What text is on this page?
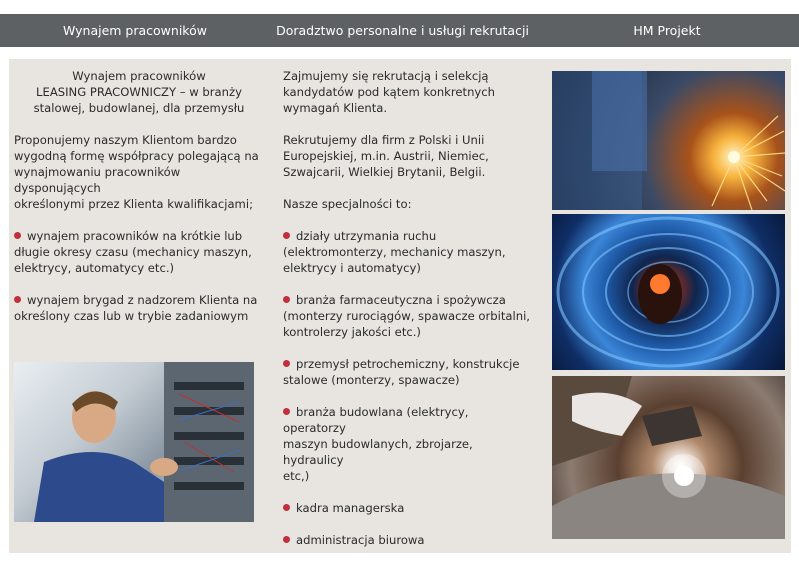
Wynajem pracowników	Doradztwo personalne i usługi rekrutacji	HM Projekt

Wynajem pracowników

LEASING PRACOWNICZY – w branży

stalowej, budowlanej, dla przemysłu

Proponujemy naszym Klientom bardzo

wygodną formę współpracy polegającą na

wynajmowaniu pracowników dysponujących

określonymi przez Klienta kwalifikacjami;

wynajem pracowników na krótkie lub

długie okresy czasu (mechanicy maszyn,

elektrycy, automatycy etc.)

wynajem brygad z nadzorem Klienta na

określony czas lub w trybie zadaniowym

Zajmujemy się rekrutacją i selekcją

kandydatów pod kątem konkretnych

wymagań Klienta.

Rekrutujemy dla firm z Polski i Unii

Europejskiej, m.in. Austrii, Niemiec,

Szwajcarii, Wielkiej Brytanii, Belgii.

Nasze specjalności to:

działy utrzymania ruchu

(elektromonterzy, mechanicy maszyn,

elektrycy i automatycy)

branża farmaceutyczna i spożywcza

(monterzy rurociągów, spawacze orbitalni,

kontrolerzy jakości etc.)

przemysł petrochemiczny, konstrukcje

stalowe (monterzy, spawacze)

branża budowlana (elektrycy, operatorzy

maszyn budowlanych, zbrojarze, hydraulicy

etc,)

kadra managerska

administracja biurowa
